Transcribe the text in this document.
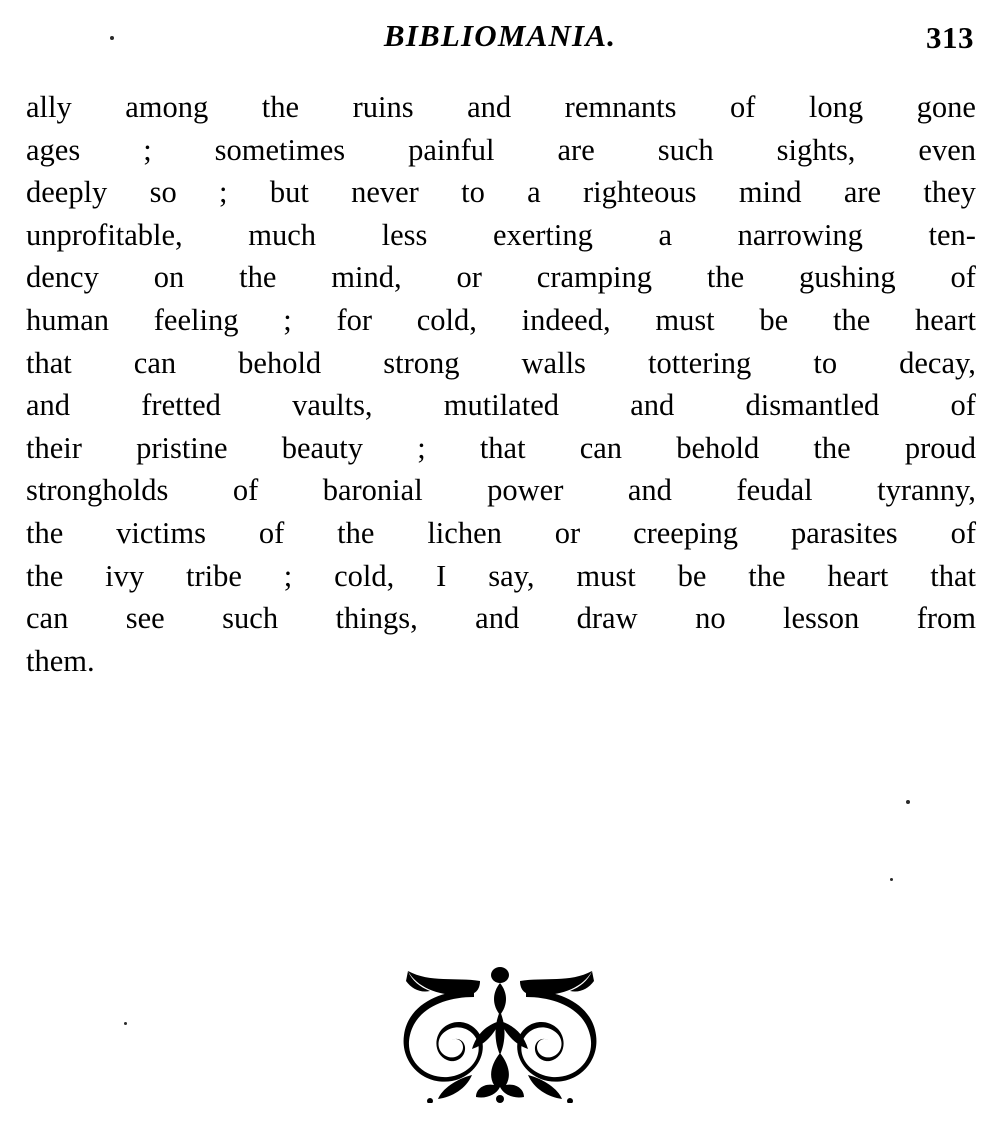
BIBLIOMANIA.	313
ally among the ruins and remnants of long gone
ages ; sometimes painful are such sights, even
deeply so ; but never to a righteous mind are they
unprofitable, much less exerting a narrowing ten-
dency on the mind, or cramping the gushing of
human feeling ; for cold, indeed, must be the heart
that can behold strong walls tottering to decay,
and fretted vaults, mutilated and dismantled of
their pristine beauty ; that can behold the proud
strongholds of baronial power and feudal tyranny,
the victims of the lichen or creeping parasites of
the ivy tribe ; cold, I say, must be the heart that
can see such things, and draw no lesson from
them.
